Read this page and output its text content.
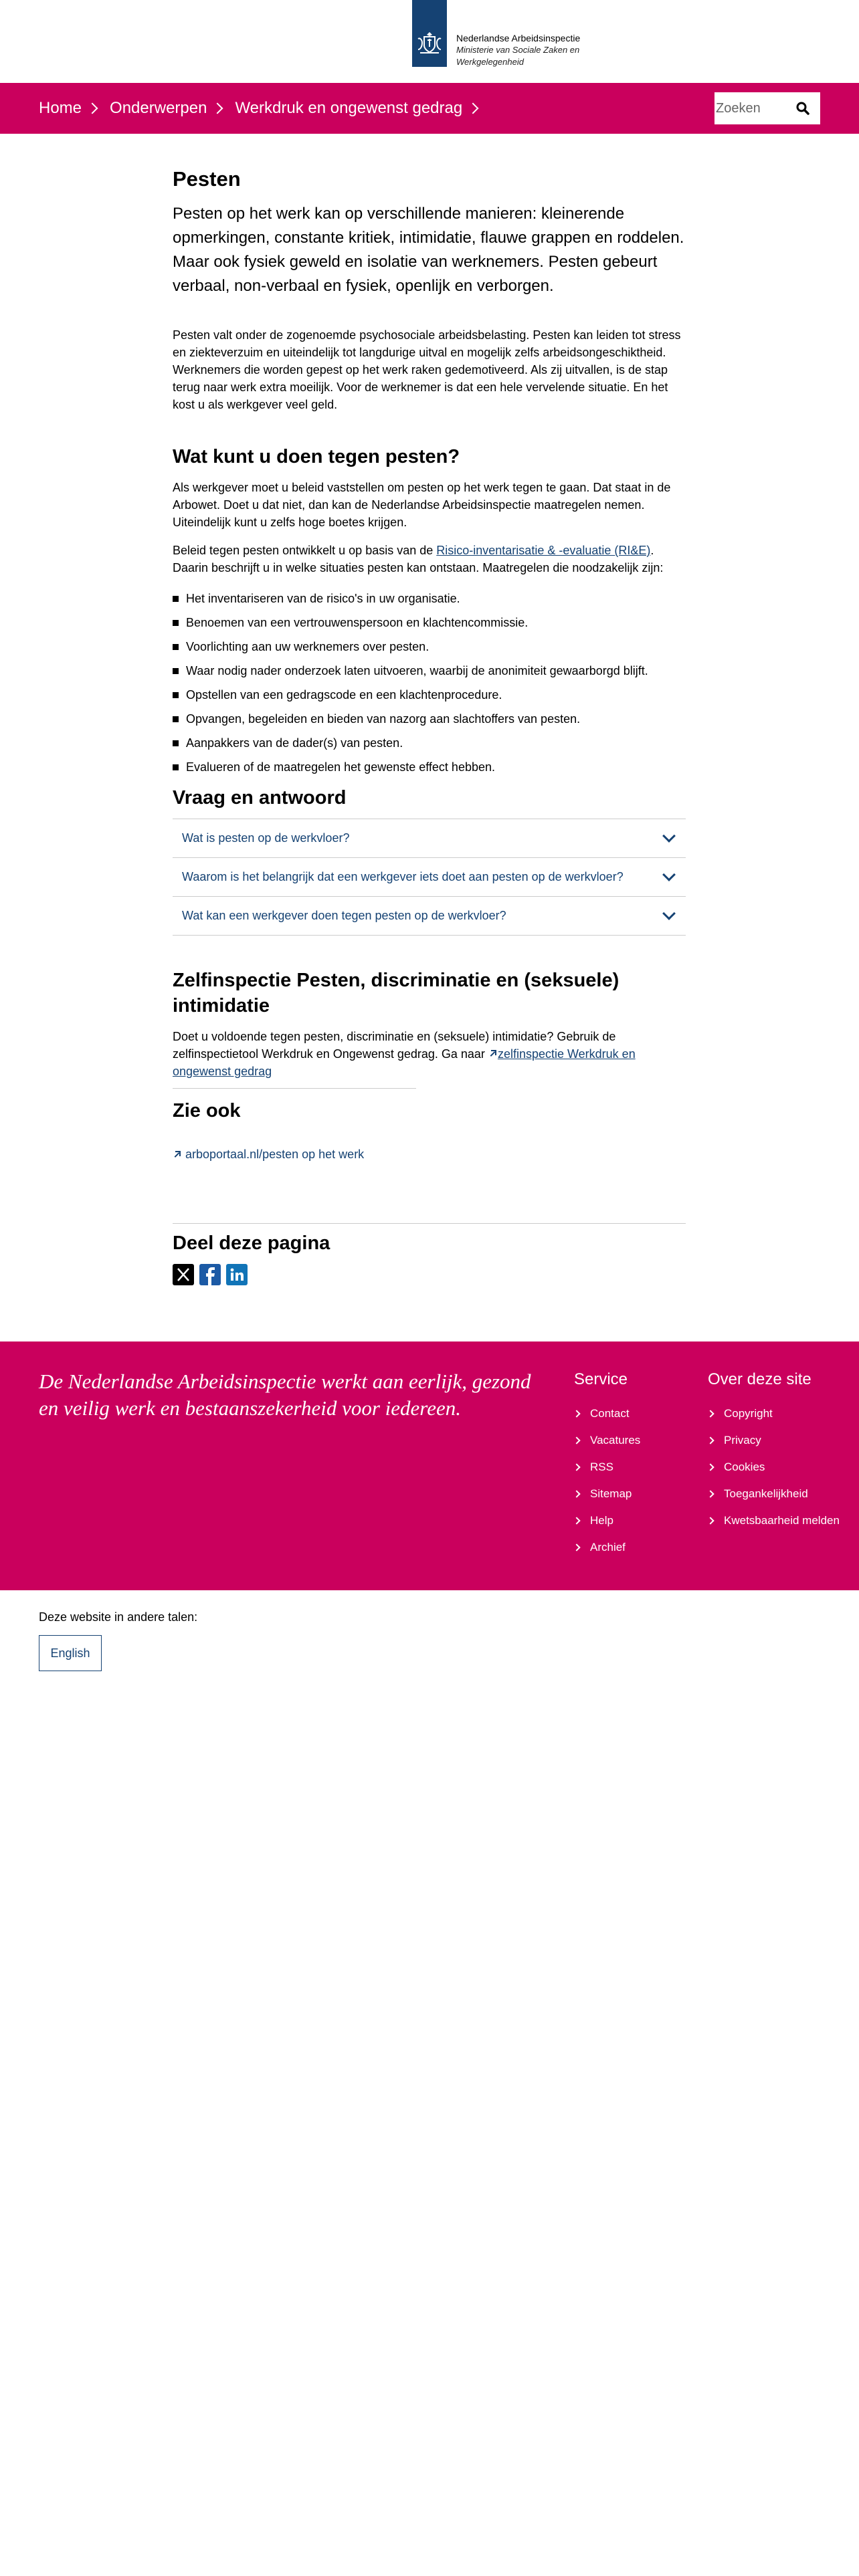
Nederlandse Arbeidsinspectie
Ministerie van Sociale Zaken en Werkgelegenheid
Home Onderwerpen Werkdruk en ongewenst gedrag
Zoeken
Pesten

Pesten op het werk kan op verschillende manieren: kleinerende opmerkingen, constante kritiek, intimidatie, flauwe grappen en roddelen. Maar ook fysiek geweld en isolatie van werknemers. Pesten gebeurt verbaal, non-verbaal en fysiek, openlijk en verborgen.

Pesten valt onder de zogenoemde psychosociale arbeidsbelasting. Pesten kan leiden tot stress en ziekteverzuim en uiteindelijk tot langdurige uitval en mogelijk zelfs arbeidsongeschiktheid. Werknemers die worden gepest op het werk raken gedemotiveerd. Als zij uitvallen, is de stap terug naar werk extra moeilijk. Voor de werknemer is dat een hele vervelende situatie. En het kost u als werkgever veel geld.

Wat kunt u doen tegen pesten?

Als werkgever moet u beleid vaststellen om pesten op het werk tegen te gaan. Dat staat in de Arbowet. Doet u dat niet, dan kan de Nederlandse Arbeidsinspectie maatregelen nemen. Uiteindelijk kunt u zelfs hoge boetes krijgen.

Beleid tegen pesten ontwikkelt u op basis van de Risico-inventarisatie & -evaluatie (RI&E). Daarin beschrijft u in welke situaties pesten kan ontstaan. Maatregelen die noodzakelijk zijn:

Het inventariseren van de risico's in uw organisatie.
Benoemen van een vertrouwenspersoon en klachtencommissie.
Voorlichting aan uw werknemers over pesten.
Waar nodig nader onderzoek laten uitvoeren, waarbij de anonimiteit gewaarborgd blijft.
Opstellen van een gedragscode en een klachtenprocedure.
Opvangen, begeleiden en bieden van nazorg aan slachtoffers van pesten.
Aanpakkers van de dader(s) van pesten.
Evalueren of de maatregelen het gewenste effect hebben.
Vraag en antwoord
Wat is pesten op de werkvloer?
Waarom is het belangrijk dat een werkgever iets doet aan pesten op de werkvloer?
Wat kan een werkgever doen tegen pesten op de werkvloer?
Zelfinspectie Pesten, discriminatie en (seksuele) intimidatie

Doet u voldoende tegen pesten, discriminatie en (seksuele) intimidatie? Gebruik de zelfinspectietool Werkdruk en Ongewenst gedrag. Ga naar zelfinspectie Werkdruk en ongewenst gedrag

Zie ook

arboportaal.nl/pesten op het werk
Deel deze pagina

De Nederlandse Arbeidsinspectie werkt aan eerlijk, gezond en veilig werk en bestaanszekerheid voor iedereen.

Service
Contact
Vacatures
RSS
Sitemap
Help
Archief
Over deze site
Copyright
Privacy
Cookies
Toegankelijkheid
Kwetsbaarheid melden
Deze website in andere talen:
English
